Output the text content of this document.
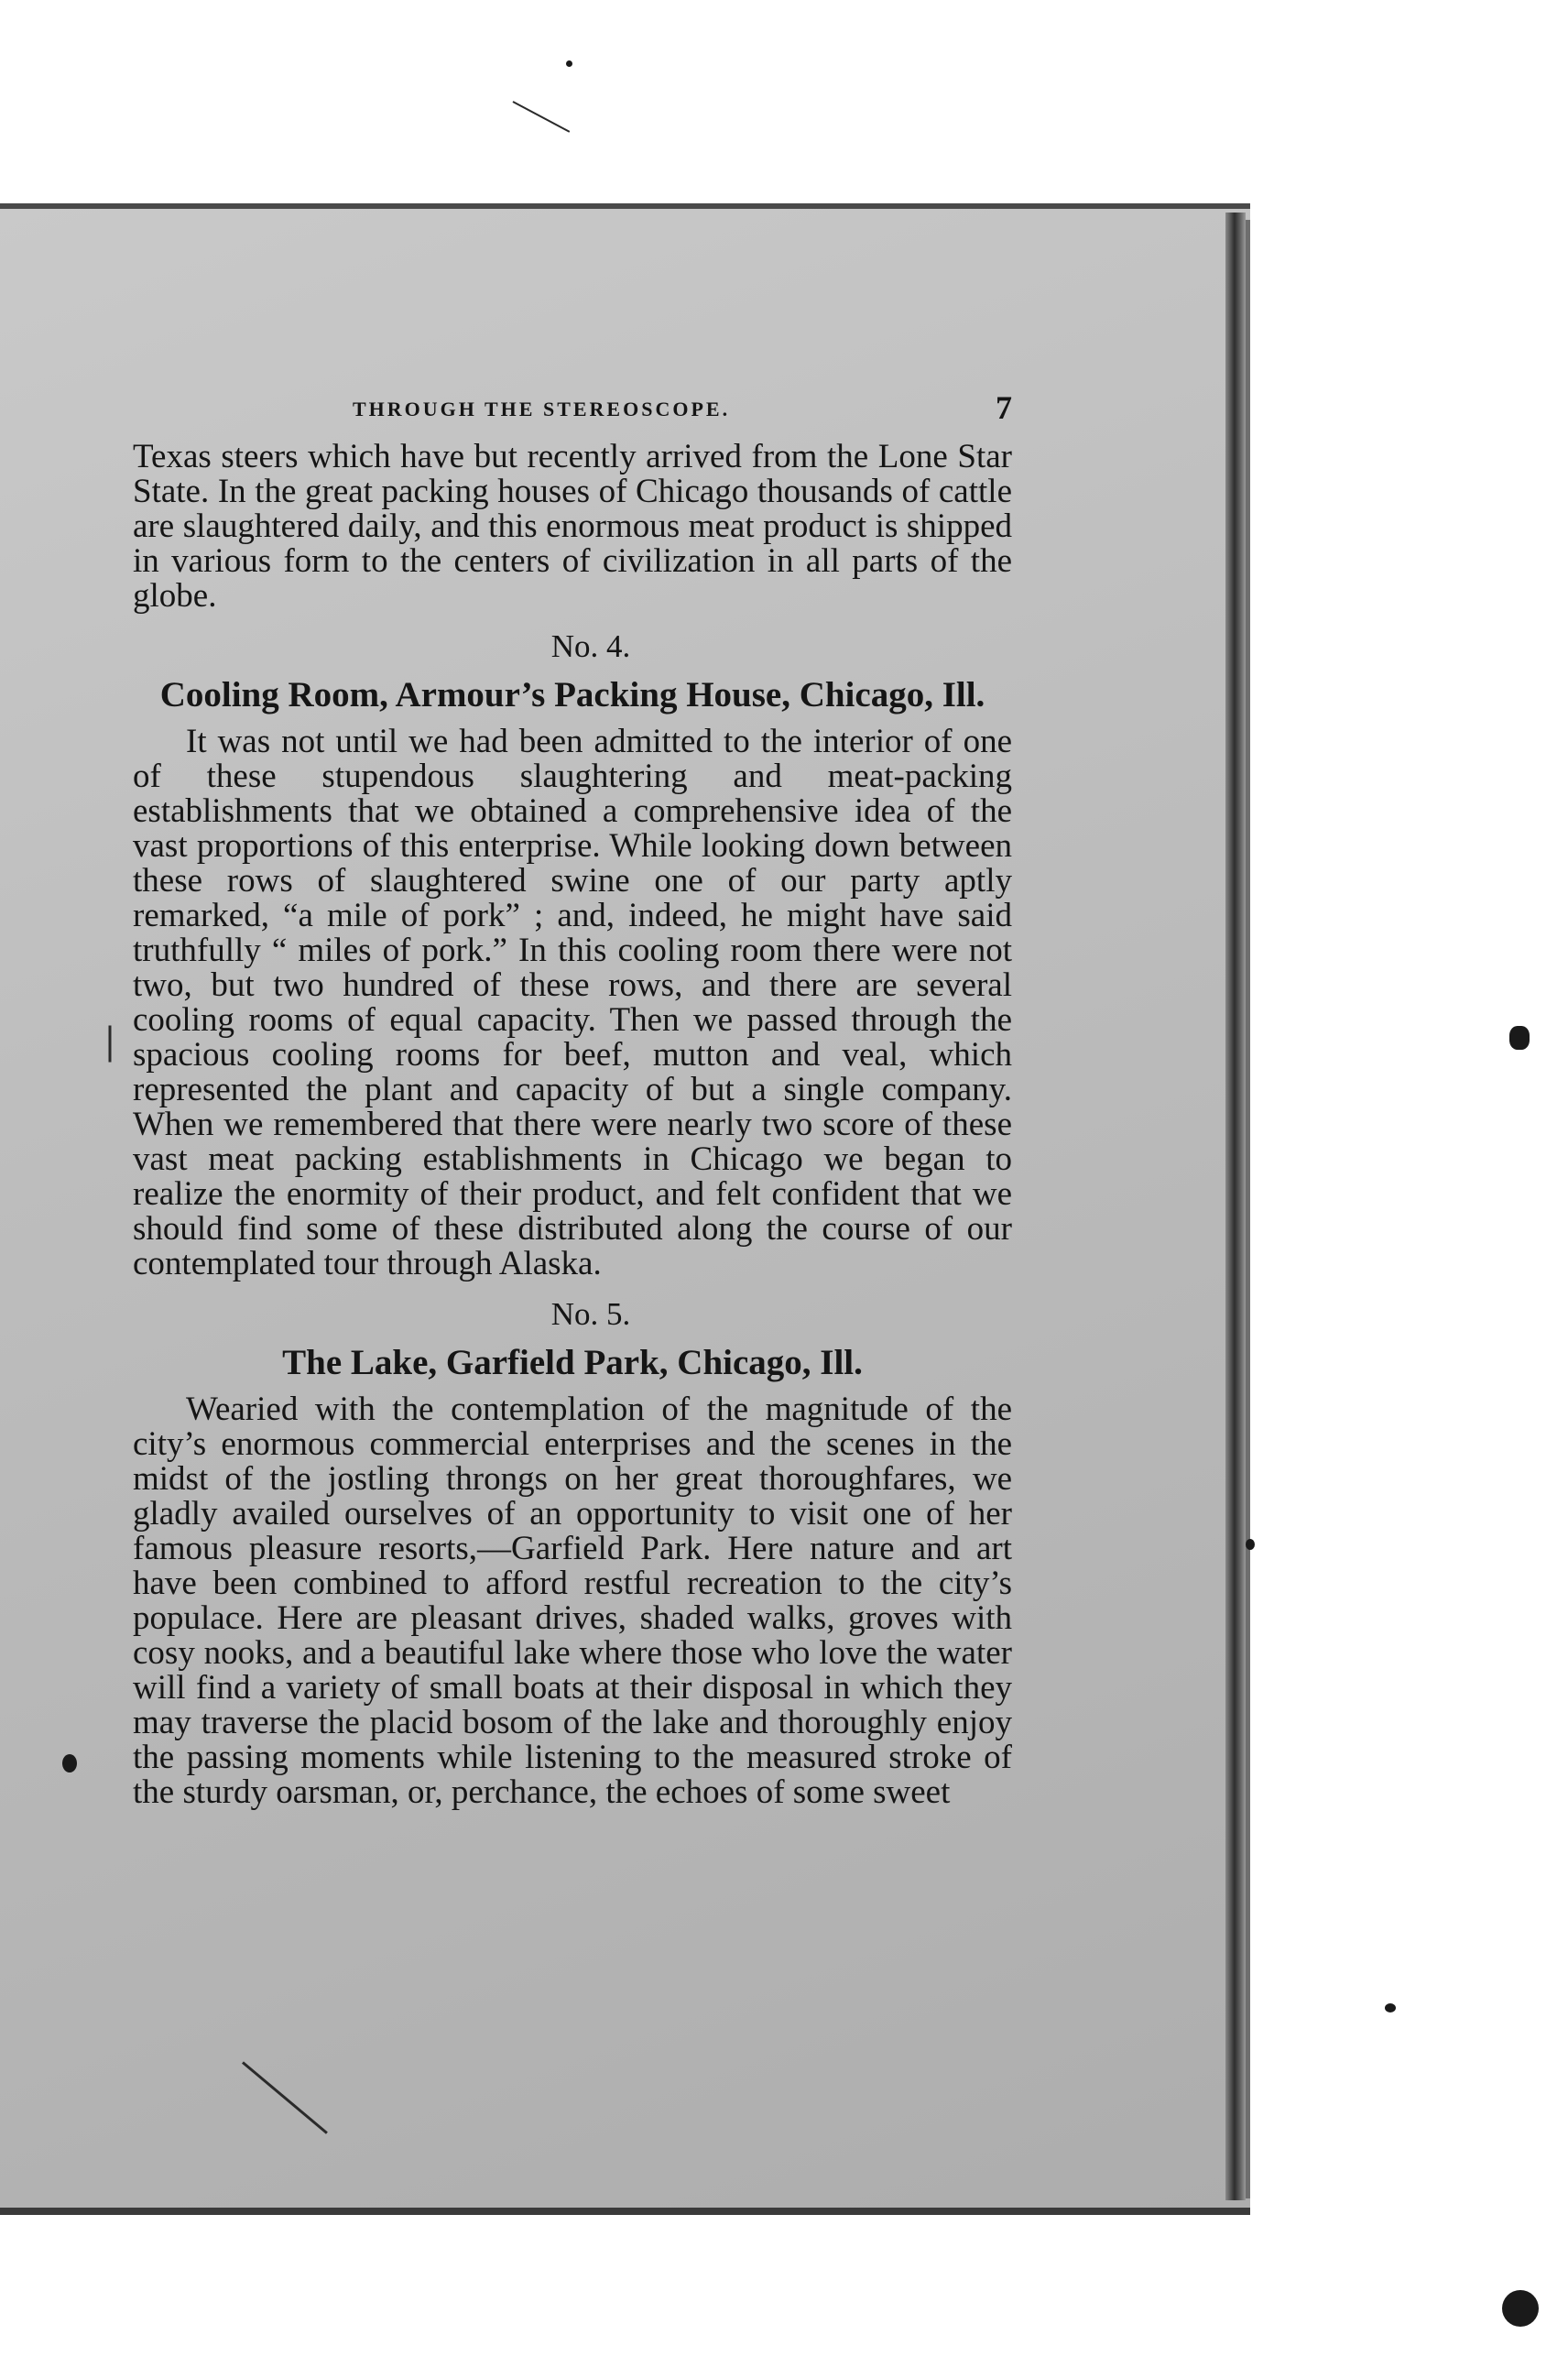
THROUGH THE STEREOSCOPE.	7

Texas steers which have but recently arrived from the Lone Star State. In the great packing houses of Chicago thousands of cattle are slaughtered daily, and this enormous meat product is shipped in various form to the centers of civilization in all parts of the globe.

No. 4.
Cooling Room, Armour’s Packing House, Chicago, Ill.

It was not until we had been admitted to the interior of one of these stupendous slaughtering and meat-packing establishments that we obtained a comprehensive idea of the vast proportions of this enterprise. While looking down between these rows of slaughtered swine one of our party aptly remarked, “a mile of pork” ; and, indeed, he might have said truthfully “ miles of pork.” In this cooling room there were not two, but two hundred of these rows, and there are several cooling rooms of equal capacity. Then we passed through the spacious cooling rooms for beef, mutton and veal, which represented the plant and capacity of but a single company. When we remembered that there were nearly two score of these vast meat packing establishments in Chicago we began to realize the enormity of their product, and felt confident that we should find some of these distributed along the course of our contemplated tour through Alaska.

No. 5.
The Lake, Garfield Park, Chicago, Ill.

Wearied with the contemplation of the magnitude of the city’s enormous commercial enterprises and the scenes in the midst of the jostling throngs on her great thoroughfares, we gladly availed ourselves of an opportunity to visit one of her famous pleasure resorts,—Garfield Park. Here nature and art have been combined to afford restful recreation to the city’s populace. Here are pleasant drives, shaded walks, groves with cosy nooks, and a beautiful lake where those who love the water will find a variety of small boats at their disposal in which they may traverse the placid bosom of the lake and thoroughly enjoy the passing moments while listening to the measured stroke of the sturdy oarsman, or, perchance, the echoes of some sweet
